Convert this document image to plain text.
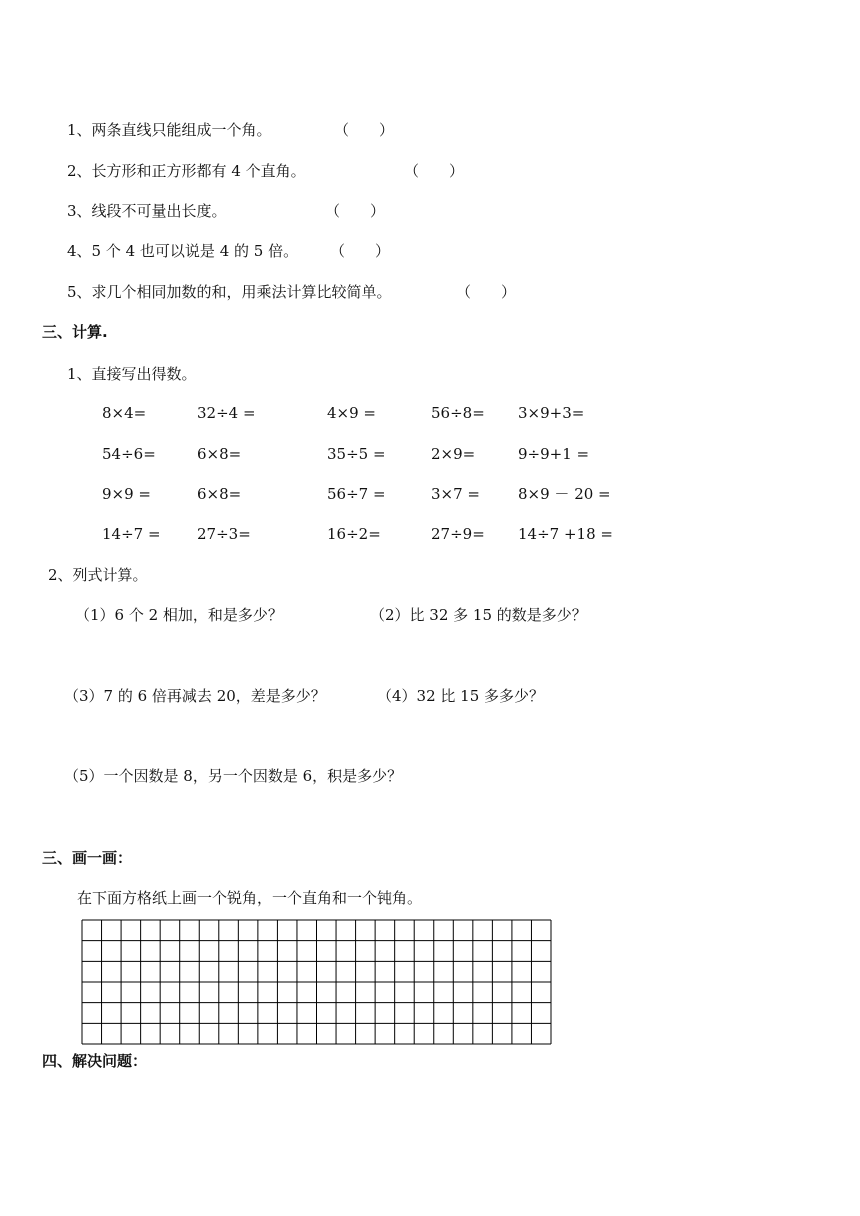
1、两条直线只能组成一个角。	（　　）
2、长方形和正方形都有 4 个直角。	（　　）
3、线段不可量出长度。	（　　）
4、5 个 4 也可以说是 4 的 5 倍。 （　　）
5、求几个相同加数的和，用乘法计算比较简单。	（　　）
三、计算.
1、直接写出得数。
8×4=	32÷4 =	4×9 =	56÷8= 3×9+3=
54÷6=	6×8=	35÷5 =	2×9=	9÷9+1 =
9×9 =	6×8=	56÷7 =	3×7 =	8×9 － 20 =
14÷7 = 27÷3=	16÷2=	27÷9= 14÷7 +18 =
2、列式计算。
（1）6 个 2 相加，和是多少？	（2）比 32 多 15 的数是多少？
（3）7 的 6 倍再减去 20，差是多少？	（4）32 比 15 多多少？
（5）一个因数是 8，另一个因数是 6，积是多少？
三、画一画：
在下面方格纸上画一个锐角，一个直角和一个钝角。
四、解决问题：
